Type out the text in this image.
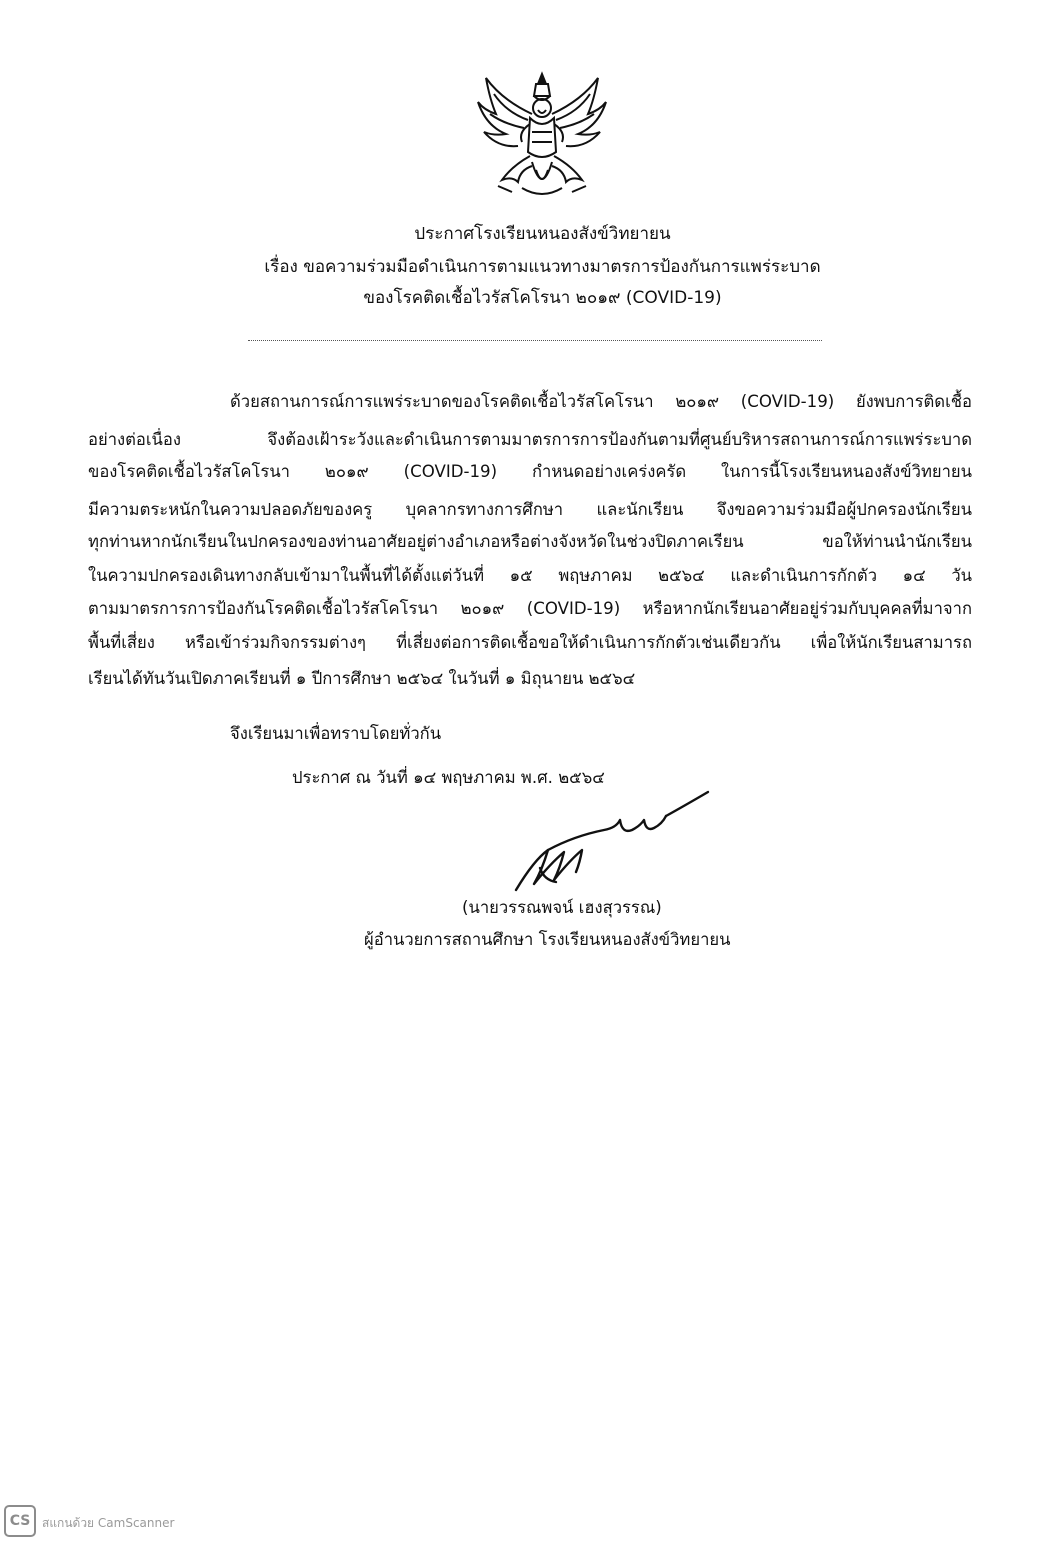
ประกาศโรงเรียนหนองสังข์วิทยายน
เรื่อง ขอความร่วมมือดำเนินการตามแนวทางมาตรการป้องกันการแพร่ระบาด
ของโรคติดเชื้อไวรัสโคโรนา ๒๐๑๙ (COVID-19)
ด้วยสถานการณ์การแพร่ระบาดของโรคติดเชื้อไวรัสโคโรนา ๒๐๑๙ (COVID-19) ยังพบการติดเชื้อ
อย่างต่อเนื่อง จึงต้องเฝ้าระวังและดำเนินการตามมาตรการการป้องกันตามที่ศูนย์บริหารสถานการณ์การแพร่ระบาด
ของโรคติดเชื้อไวรัสโคโรนา ๒๐๑๙ (COVID-19) กำหนดอย่างเคร่งครัด ในการนี้โรงเรียนหนองสังข์วิทยายน
มีความตระหนักในความปลอดภัยของครู บุคลากรทางการศึกษา และนักเรียน จึงขอความร่วมมือผู้ปกครองนักเรียน
ทุกท่านหากนักเรียนในปกครองของท่านอาศัยอยู่ต่างอำเภอหรือต่างจังหวัดในช่วงปิดภาคเรียน ขอให้ท่านนำนักเรียน
ในความปกครองเดินทางกลับเข้ามาในพื้นที่ได้ตั้งแต่วันที่ ๑๕ พฤษภาคม ๒๕๖๔ และดำเนินการกักตัว ๑๔ วัน
ตามมาตรการการป้องกันโรคติดเชื้อไวรัสโคโรนา ๒๐๑๙ (COVID-19) หรือหากนักเรียนอาศัยอยู่ร่วมกับบุคคลที่มาจาก
พื้นที่เสี่ยง หรือเข้าร่วมกิจกรรมต่างๆ ที่เสี่ยงต่อการติดเชื้อขอให้ดำเนินการกักตัวเช่นเดียวกัน เพื่อให้นักเรียนสามารถ
เรียนได้ทันวันเปิดภาคเรียนที่ ๑ ปีการศึกษา ๒๕๖๔ ในวันที่ ๑ มิถุนายน ๒๕๖๔
จึงเรียนมาเพื่อทราบโดยทั่วกัน
ประกาศ ณ วันที่ ๑๔ พฤษภาคม พ.ศ. ๒๕๖๔
(นายวรรณพจน์ เฮงสุวรรณ)
ผู้อำนวยการสถานศึกษา โรงเรียนหนองสังข์วิทยายน
CS สแกนด้วย CamScanner
